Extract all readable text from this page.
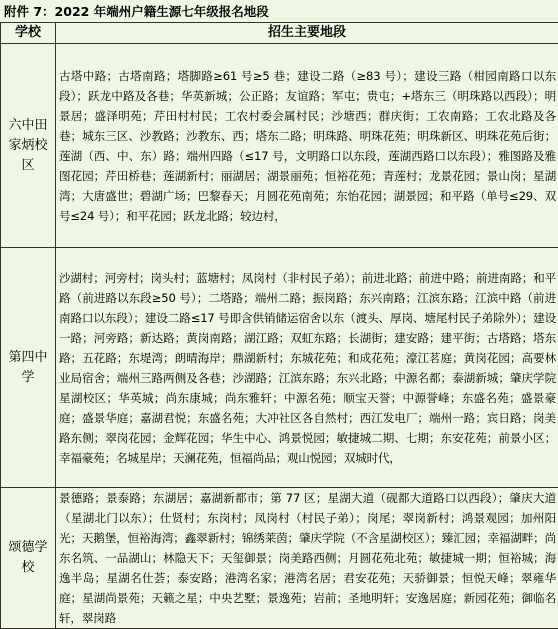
附件 7：2022 年端州户籍生源七年级报名地段
学校	招生主要地段

六中田家炳校区	古塔中路；古塔南路；塔脚路≥61 号≥5 巷；建设二路（≥83 号）；建设三路（柑园南路口以东段）；跃龙中路及各巷；华英新城；公正路；友谊路；军屯；贵屯；+塔东三（明珠路以西段）；明景居；盛泽明苑；芹田村村民；工农村委会属村民；沙塘西；群庆街；工农南路；工农北路及各巷；城东三区、沙教路；沙教东、西；塔东二路；明珠路、明珠花苑；明珠新区、明珠花苑后街；莲湖（西、中、东）路；端州四路（≤17 号，文明路口以东段，莲湖西路口以东段）；雅图路及雅图花园；芹田桥巷；莲湖新村；丽湖居；湖景丽苑；恒裕花苑；青莲村；龙景花园；景山岗；星湖湾；大唐盛世；碧湖广场；巴黎春天；月圆花苑南苑；东怡花园；湖景园；和平路（单号≤29、双号≤24 号）；和平花园；跃龙北路；较边村，

第四中学	沙湖村；河旁村；岗头村；蓝塘村；凤岗村（非村民子弟）；前进北路；前进中路；前进南路；和平路（前进路以东段≥50 号）；二塔路；端州二路；振岗路；东兴南路；江滨东路；江滨中路（前进南路口以东段）；建设二路≤17 号即含供销储运宿舍以东（渡头、厚岗、塘尾村民子弟除外）；建设一路；河旁路；新达路；黄岗南路；湖江路；双虹东路；长湖街；建安路；建平街；古塔路；塔东路；五花路；东堤湾；朗晴海岸；鼎湖新村；东城花苑；和成花苑；濠江茗庭；黄岗花园；高要林业局宿舍；端州三路两侧及各巷；沙湖路；江滨东路；东兴北路；中源名都；泰湖新城；肇庆学院星湖校区；华英城；尚东康城；尚东雅轩；中源名苑；顺宝天誉；中源誉峰；东盛名苑；盛景豪庭；盛景华庭；嘉湖君悦；东盛名苑；大冲社区各自然村；西江发电厂；端州一路；宾日路；岗美路东侧；翠岗花园；金辉花园；华生中心、鸿景悦园；敏捷城二期、七期；东安花苑；前景小区；幸福豪苑；名城星岸；天澜花苑，恒福尚品；观山悦园；双城时代，

颂德学校	景德路；景泰路；东湖居；嘉湖新都市；第 77 区；星湖大道（砚都大道路口以西段）；肇庆大道（星湖北门以东）；仕贤村；东岗村；凤岗村（村民子弟）；岗尾；翠岗新村；鸿景观园；加州阳光；天鹅堡，恒裕海湾；鑫翠新村；锦绣莱茵；肇庆学院（不含星湖校区）；臻汇园；幸福湖畔；尚东名筑、一品湖山；林隐天下；天玺御景；岗美路西侧；月圆花苑北苑；敏捷城一期；恒裕城；海逸半岛；星湖名仕荟；泰安路；港湾名家；港湾名居；君安花苑；天骄御景；恒悦天峰；翠雍华庭；星湖尚景苑；天籁之星；中央艺墅；景逸苑；岩前；圣地明轩；安逸居庭；新园花苑；御临名轩，翠岗路
